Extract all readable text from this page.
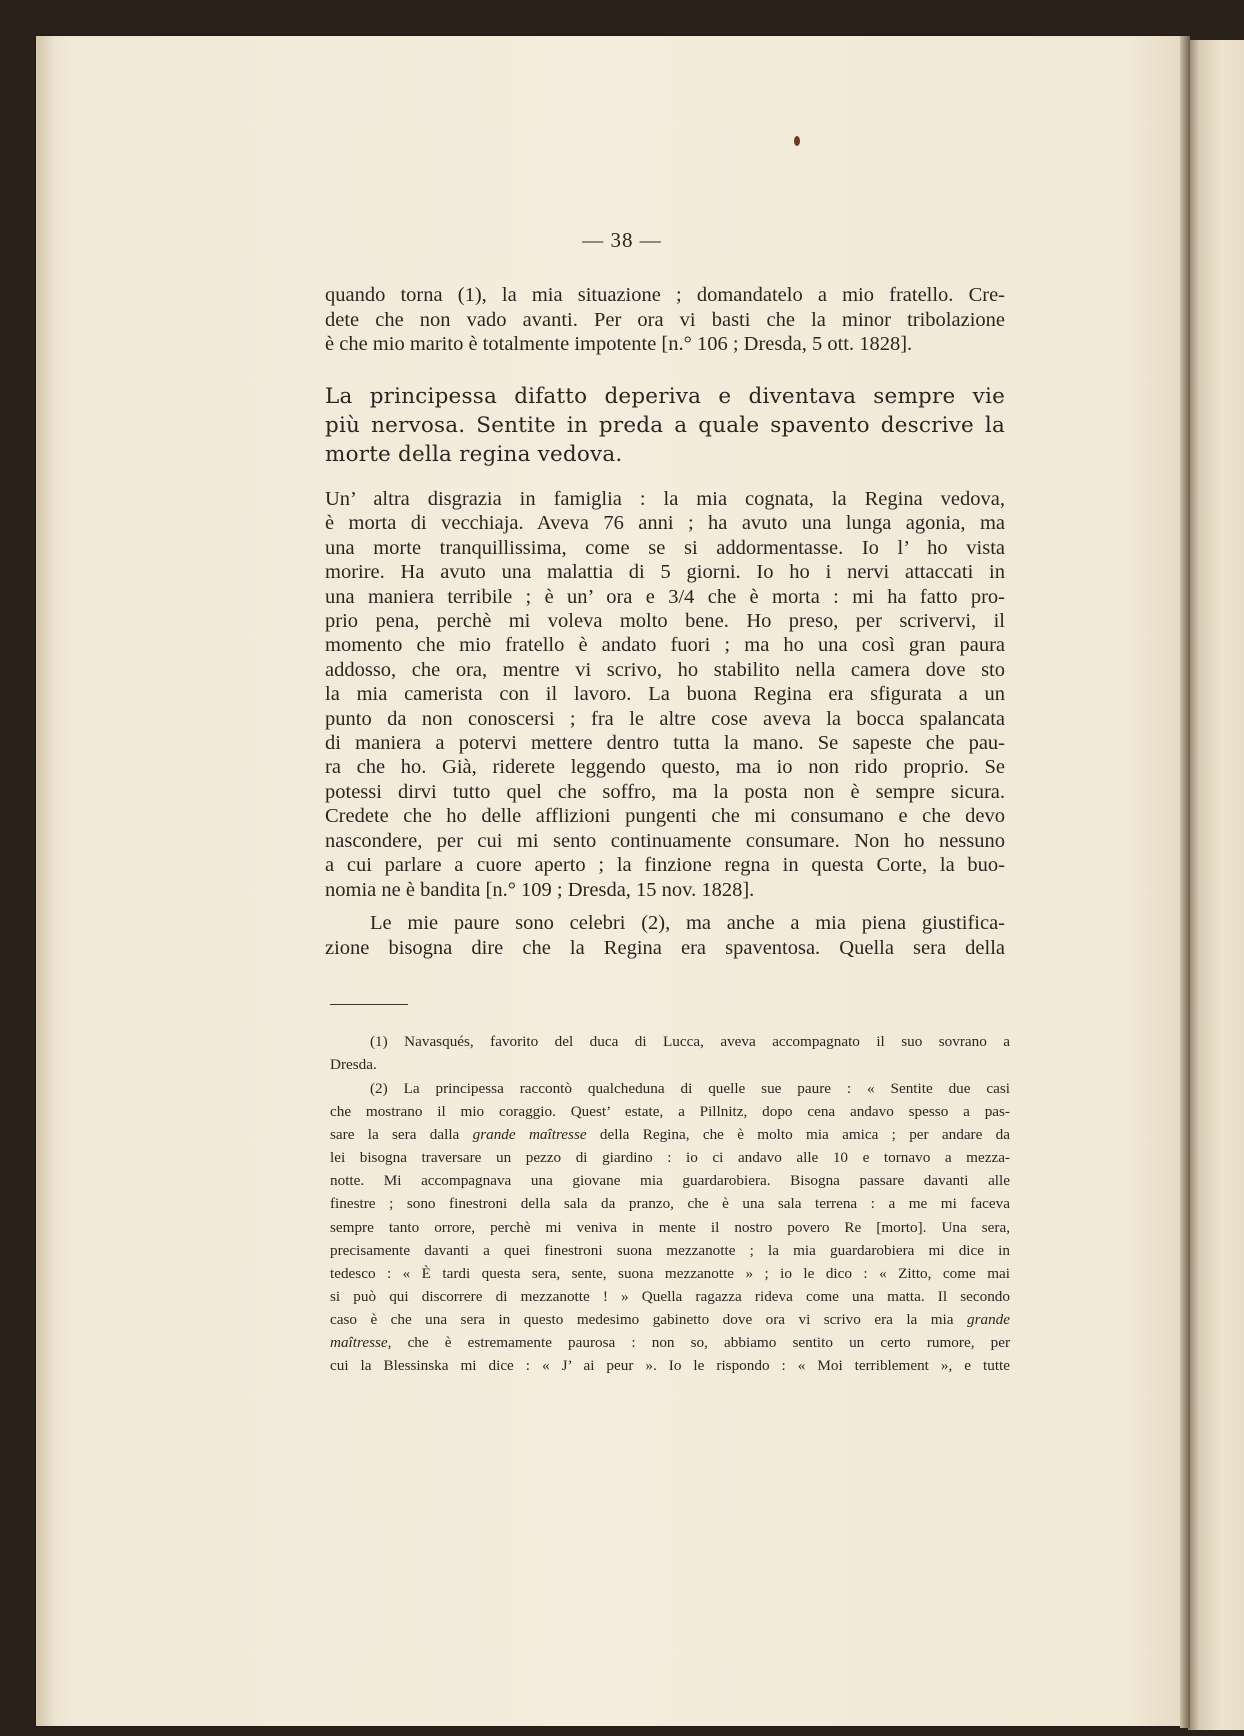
— 38 —
quando torna (1), la mia situazione ; domandatelo a mio fratello. Cre-
dete che non vado avanti. Per ora vi basti che la minor tribolazione
è che mio marito è totalmente impotente [n.° 106 ; Dresda, 5 ott. 1828].
La principessa difatto deperiva e diventava sempre vie
più nervosa. Sentite in preda a quale spavento descrive la
morte della regina vedova.
Un’ altra disgrazia in famiglia : la mia cognata, la Regina vedova,
è morta di vecchiaja. Aveva 76 anni ; ha avuto una lunga agonia, ma
una morte tranquillissima, come se si addormentasse. Io l’ ho vista
morire. Ha avuto una malattia di 5 giorni. Io ho i nervi attaccati in
una maniera terribile ; è un’ ora e 3/4 che è morta : mi ha fatto pro-
prio pena, perchè mi voleva molto bene. Ho preso, per scrivervi, il
momento che mio fratello è andato fuori ; ma ho una così gran paura
addosso, che ora, mentre vi scrivo, ho stabilito nella camera dove sto
la mia camerista con il lavoro. La buona Regina era sfigurata a un
punto da non conoscersi ; fra le altre cose aveva la bocca spalancata
di maniera a potervi mettere dentro tutta la mano. Se sapeste che pau-
ra che ho. Già, riderete leggendo questo, ma io non rido proprio. Se
potessi dirvi tutto quel che soffro, ma la posta non è sempre sicura.
Credete che ho delle afflizioni pungenti che mi consumano e che devo
nascondere, per cui mi sento continuamente consumare. Non ho nessuno
a cui parlare a cuore aperto ; la finzione regna in questa Corte, la buo-
nomia ne è bandita [n.° 109 ; Dresda, 15 nov. 1828].
Le mie paure sono celebri (2), ma anche a mia piena giustifica-
zione bisogna dire che la Regina era spaventosa. Quella sera della
(1) Navasqués, favorito del duca di Lucca, aveva accompagnato il suo sovrano a
Dresda.
(2) La principessa raccontò qualcheduna di quelle sue paure : « Sentite due casi
che mostrano il mio coraggio. Quest’ estate, a Pillnitz, dopo cena andavo spesso a pas-
sare la sera dalla grande maîtresse della Regina, che è molto mia amica ; per andare da
lei bisogna traversare un pezzo di giardino : io ci andavo alle 10 e tornavo a mezza-
notte. Mi accompagnava una giovane mia guardarobiera. Bisogna passare davanti alle
finestre ; sono finestroni della sala da pranzo, che è una sala terrena : a me mi faceva
sempre tanto orrore, perchè mi veniva in mente il nostro povero Re [morto]. Una sera,
precisamente davanti a quei finestroni suona mezzanotte ; la mia guardarobiera mi dice in
tedesco : « È tardi questa sera, sente, suona mezzanotte » ; io le dico : « Zitto, come mai
si può qui discorrere di mezzanotte ! » Quella ragazza rideva come una matta. Il secondo
caso è che una sera in questo medesimo gabinetto dove ora vi scrivo era la mia grande
maîtresse, che è estremamente paurosa : non so, abbiamo sentito un certo rumore, per
cui la Blessinska mi dice : « J’ ai peur ». Io le rispondo : « Moi terriblement », e tutte
